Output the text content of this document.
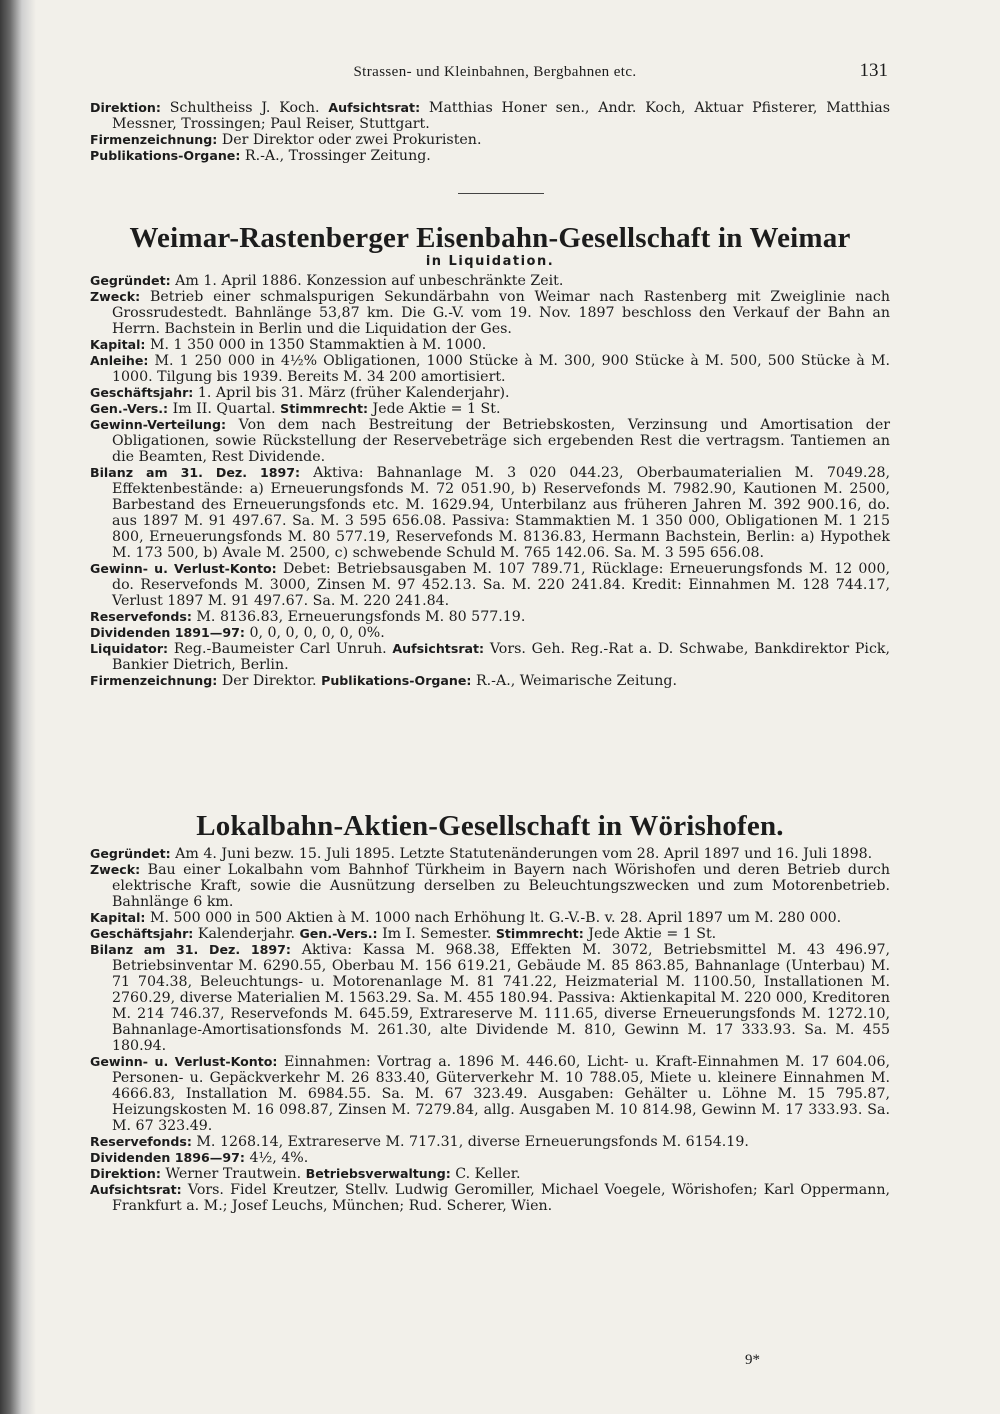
Strassen- und Kleinbahnen, Bergbahnen etc.	131

Direktion: Schultheiss J. Koch. Aufsichtsrat: Matthias Honer sen., Andr. Koch, Aktuar Pfisterer, Matthias Messner, Trossingen; Paul Reiser, Stuttgart.

Firmenzeichnung: Der Direktor oder zwei Prokuristen.

Publikations-Organe: R.-A., Trossinger Zeitung.

Weimar-Rastenberger Eisenbahn-Gesellschaft in Weimar
in Liquidation.

Gegründet: Am 1. April 1886. Konzession auf unbeschränkte Zeit.

Zweck: Betrieb einer schmalspurigen Sekundärbahn von Weimar nach Rastenberg mit Zweiglinie nach Grossrudestedt. Bahnlänge 53,87 km. Die G.-V. vom 19. Nov. 1897 beschloss den Verkauf der Bahn an Herrn. Bachstein in Berlin und die Liquidation der Ges.

Kapital: M. 1 350 000 in 1350 Stammaktien à M. 1000.

Anleihe: M. 1 250 000 in 4½% Obligationen, 1000 Stücke à M. 300, 900 Stücke à M. 500, 500 Stücke à M. 1000. Tilgung bis 1939. Bereits M. 34 200 amortisiert.

Geschäftsjahr: 1. April bis 31. März (früher Kalenderjahr).

Gen.-Vers.: Im II. Quartal. Stimmrecht: Jede Aktie = 1 St.

Gewinn-Verteilung: Von dem nach Bestreitung der Betriebskosten, Verzinsung und Amortisation der Obligationen, sowie Rückstellung der Reservebeträge sich ergebenden Rest die vertragsm. Tantiemen an die Beamten, Rest Dividende.

Bilanz am 31. Dez. 1897: Aktiva: Bahnanlage M. 3 020 044.23, Oberbaumaterialien M. 7049.28, Effektenbestände: a) Erneuerungsfonds M. 72 051.90, b) Reservefonds M. 7982.90, Kautionen M. 2500, Barbestand des Erneuerungsfonds etc. M. 1629.94, Unterbilanz aus früheren Jahren M. 392 900.16, do. aus 1897 M. 91 497.67. Sa. M. 3 595 656.08. Passiva: Stammaktien M. 1 350 000, Obligationen M. 1 215 800, Erneuerungsfonds M. 80 577.19, Reservefonds M. 8136.83, Hermann Bachstein, Berlin: a) Hypothek M. 173 500, b) Avale M. 2500, c) schwebende Schuld M. 765 142.06. Sa. M. 3 595 656.08.

Gewinn- u. Verlust-Konto: Debet: Betriebsausgaben M. 107 789.71, Rücklage: Erneuerungsfonds M. 12 000, do. Reservefonds M. 3000, Zinsen M. 97 452.13. Sa. M. 220 241.84. Kredit: Einnahmen M. 128 744.17, Verlust 1897 M. 91 497.67. Sa. M. 220 241.84.

Reservefonds: M. 8136.83, Erneuerungsfonds M. 80 577.19.

Dividenden 1891—97: 0, 0, 0, 0, 0, 0, 0%.

Liquidator: Reg.-Baumeister Carl Unruh. Aufsichtsrat: Vors. Geh. Reg.-Rat a. D. Schwabe, Bankdirektor Pick, Bankier Dietrich, Berlin.

Firmenzeichnung: Der Direktor. Publikations-Organe: R.-A., Weimarische Zeitung.

Lokalbahn-Aktien-Gesellschaft in Wörishofen.

Gegründet: Am 4. Juni bezw. 15. Juli 1895. Letzte Statutenänderungen vom 28. April 1897 und 16. Juli 1898.

Zweck: Bau einer Lokalbahn vom Bahnhof Türkheim in Bayern nach Wörishofen und deren Betrieb durch elektrische Kraft, sowie die Ausnützung derselben zu Beleuchtungszwecken und zum Motorenbetrieb. Bahnlänge 6 km.

Kapital: M. 500 000 in 500 Aktien à M. 1000 nach Erhöhung lt. G.-V.-B. v. 28. April 1897 um M. 280 000.

Geschäftsjahr: Kalenderjahr. Gen.-Vers.: Im I. Semester. Stimmrecht: Jede Aktie = 1 St.

Bilanz am 31. Dez. 1897: Aktiva: Kassa M. 968.38, Effekten M. 3072, Betriebsmittel M. 43 496.97, Betriebsinventar M. 6290.55, Oberbau M. 156 619.21, Gebäude M. 85 863.85, Bahnanlage (Unterbau) M. 71 704.38, Beleuchtungs- u. Motorenanlage M. 81 741.22, Heizmaterial M. 1100.50, Installationen M. 2760.29, diverse Materialien M. 1563.29. Sa. M. 455 180.94. Passiva: Aktienkapital M. 220 000, Kreditoren M. 214 746.37, Reservefonds M. 645.59, Extrareserve M. 111.65, diverse Erneuerungsfonds M. 1272.10, Bahnanlage-Amortisationsfonds M. 261.30, alte Dividende M. 810, Gewinn M. 17 333.93. Sa. M. 455 180.94.

Gewinn- u. Verlust-Konto: Einnahmen: Vortrag a. 1896 M. 446.60, Licht- u. Kraft-Einnahmen M. 17 604.06, Personen- u. Gepäckverkehr M. 26 833.40, Güterverkehr M. 10 788.05, Miete u. kleinere Einnahmen M. 4666.83, Installation M. 6984.55. Sa. M. 67 323.49. Ausgaben: Gehälter u. Löhne M. 15 795.87, Heizungskosten M. 16 098.87, Zinsen M. 7279.84, allg. Ausgaben M. 10 814.98, Gewinn M. 17 333.93. Sa. M. 67 323.49.

Reservefonds: M. 1268.14, Extrareserve M. 717.31, diverse Erneuerungsfonds M. 6154.19.

Dividenden 1896—97: 4½, 4%.

Direktion: Werner Trautwein. Betriebsverwaltung: C. Keller.

Aufsichtsrat: Vors. Fidel Kreutzer, Stellv. Ludwig Geromiller, Michael Voegele, Wörishofen; Karl Oppermann, Frankfurt a. M.; Josef Leuchs, München; Rud. Scherer, Wien.

9*
